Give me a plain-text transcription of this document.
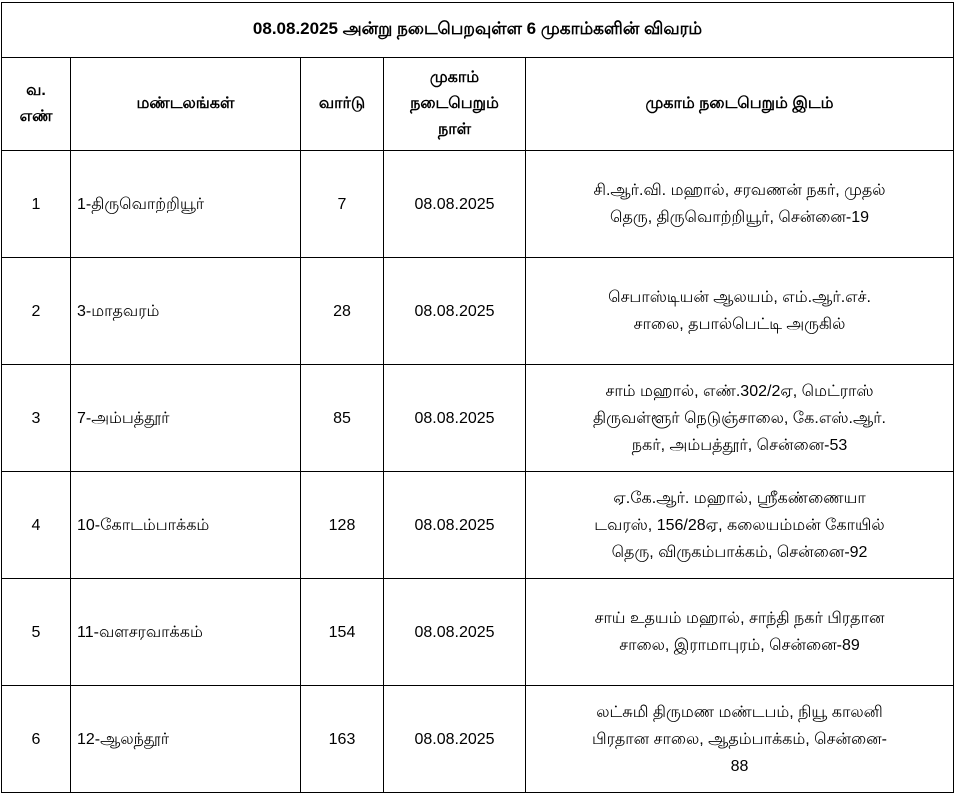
08.08.2025 அன்று நடைபெறவுள்ள 6 முகாம்களின் விவரம்				

வ.
எண்	மண்டலங்கள்	வார்டு	முகாம்
நடைபெறும்
நாள்	முகாம் நடைபெறும் இடம்
1	1-திருவொற்றியூர்	7	08.08.2025	சி.ஆர்.வி. மஹால், சரவணன் நகர், முதல்
தெரு, திருவொற்றியூர், சென்னை-19

2	3-மாதவரம்	28	08.08.2025	செபாஸ்டியன் ஆலயம், எம்.ஆர்.எச்.
சாலை, தபால்பெட்டி அருகில்

3	7-அம்பத்தூர்	85	08.08.2025	சாம் மஹால், எண்.302/2ஏ, மெட்ராஸ்
திருவள்ளூர் நெடுஞ்சாலை, கே.எஸ்.ஆர்.
நகர், அம்பத்தூர், சென்னை-53

4	10-கோடம்பாக்கம்	128	08.08.2025	ஏ.கே.ஆர். மஹால், ஸ்ரீகண்ணையா
டவரஸ், 156/28ஏ, கலையம்மன் கோயில்
தெரு, விருகம்பாக்கம், சென்னை-92

5	11-வளசரவாக்கம்	154	08.08.2025	சாய் உதயம் மஹால், சாந்தி நகர் பிரதான
சாலை, இராமாபுரம், சென்னை-89

6	12-ஆலந்தூர்	163	08.08.2025	லட்சுமி திருமண மண்டபம், நியூ காலனி
பிரதான சாலை, ஆதம்பாக்கம், சென்னை-
88
